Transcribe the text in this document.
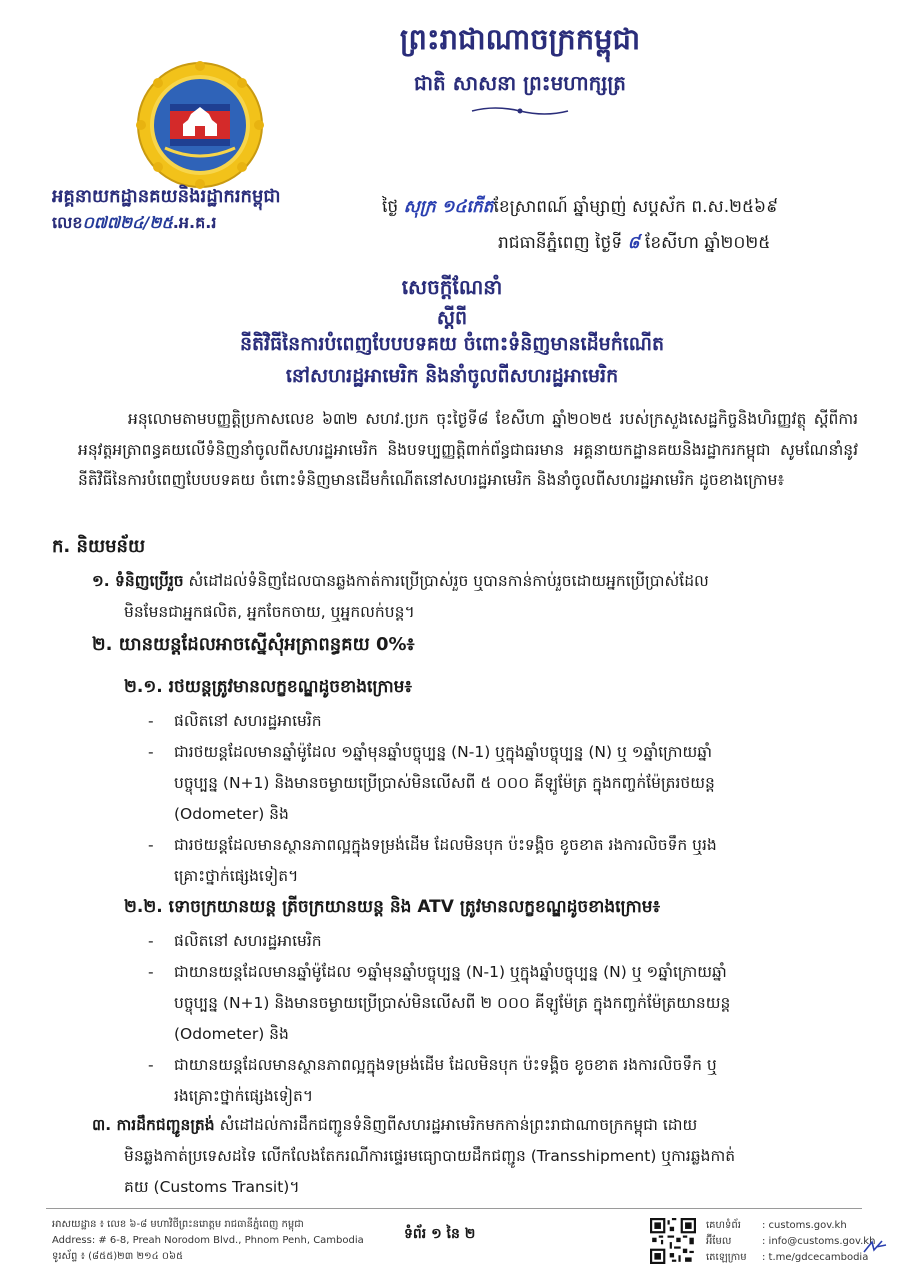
ព្រះរាជាណាចក្រកម្ពុជា
ជាតិ សាសនា ព្រះមហាក្សត្រ
អគ្គនាយកដ្ឋានគយនិងរដ្ឋាករកម្ពុជា
លេខ០៧៧២៤/២៥.អ.គ.រ
ថ្ងៃ សុក្រ ១៤កើតខែស្រាពណ៍ ឆ្នាំម្សាញ់ សប្តស័ក ព.ស.២៥៦៩
រាជធានីភ្នំពេញ ថ្ងៃទី ៨ ខែសីហា ឆ្នាំ២០២៥
សេចក្តីណែនាំ
ស្តីពី
នីតិវិធីនៃការបំពេញបែបបទគយ ចំពោះទំនិញមានដើមកំណើត
នៅសហរដ្ឋអាមេរិក និងនាំចូលពីសហរដ្ឋអាមេរិក
អនុលោមតាមបញ្ញត្តិប្រកាសលេខ ៦៣២ សហវ.ប្រក ចុះថ្ងៃទី៨ ខែសីហា ឆ្នាំ២០២៥ របស់ក្រសួងសេដ្ឋកិច្ចនិងហិរញ្ញវត្ថុ ស្តីពីការអនុវត្តអត្រាពន្ធគយលើទំនិញនាំចូលពីសហរដ្ឋអាមេរិក និងបទប្បញ្ញត្តិពាក់ព័ន្ធជាធរមាន អគ្គនាយកដ្ឋានគយនិងរដ្ឋាករកម្ពុជា សូមណែនាំនូវនីតិវិធីនៃការបំពេញបែបបទគយ ចំពោះទំនិញមានដើមកំណើតនៅសហរដ្ឋអាមេរិក និងនាំចូលពីសហរដ្ឋអាមេរិក ដូចខាងក្រោម៖
ក. និយមន័យ
១. ទំនិញប្រើរួច សំដៅដល់ទំនិញដែលបានឆ្លងកាត់ការប្រើប្រាស់រួច ឬបានកាន់កាប់រួចដោយអ្នកប្រើប្រាស់ដែល
មិនមែនជាអ្នកផលិត, អ្នកចែកចាយ, ឬអ្នកលក់បន្ត។
២. យានយន្តដែលអាចស្នើសុំអត្រាពន្ធគយ 0%៖
២.១. រថយន្តត្រូវមានលក្ខខណ្ឌដូចខាងក្រោម៖
- ផលិតនៅ សហរដ្ឋអាមេរិក
- ជារថយន្តដែលមានឆ្នាំម៉ូដែល ១ឆ្នាំមុនឆ្នាំបច្ចុប្បន្ន (N-1) ឬក្នុងឆ្នាំបច្ចុប្បន្ន (N) ឬ ១ឆ្នាំក្រោយឆ្នាំ
បច្ចុប្បន្ន (N+1) និងមានចម្ងាយប្រើប្រាស់មិនលើសពី ៥ ០០០ គីឡូម៉ែត្រ ក្នុងកញ្ចក់ម៉ែត្ររថយន្ត
(Odometer) និង
- ជារថយន្តដែលមានស្ថានភាពល្អក្នុងទម្រង់ដើម ដែលមិនបុក ប៉ះទង្គិច ខូចខាត រងការលិចទឹក ឬរង
គ្រោះថ្នាក់ផ្សេងទៀត។
២.២. ទោចក្រយានយន្ត ត្រីចក្រយានយន្ត និង ATV ត្រូវមានលក្ខខណ្ឌដូចខាងក្រោម៖
- ផលិតនៅ សហរដ្ឋអាមេរិក
- ជាយានយន្តដែលមានឆ្នាំម៉ូដែល ១ឆ្នាំមុនឆ្នាំបច្ចុប្បន្ន (N-1) ឬក្នុងឆ្នាំបច្ចុប្បន្ន (N) ឬ ១ឆ្នាំក្រោយឆ្នាំ
បច្ចុប្បន្ន (N+1) និងមានចម្ងាយប្រើប្រាស់មិនលើសពី ២ ០០០ គីឡូម៉ែត្រ ក្នុងកញ្ចក់ម៉ែត្រយានយន្ត
(Odometer) និង
- ជាយានយន្តដែលមានស្ថានភាពល្អក្នុងទម្រង់ដើម ដែលមិនបុក ប៉ះទង្គិច ខូចខាត រងការលិចទឹក ឬ
រងគ្រោះថ្នាក់ផ្សេងទៀត។
៣. ការដឹកជញ្ជូនត្រង់ សំដៅដល់ការដឹកជញ្ជូនទំនិញពីសហរដ្ឋអាមេរិកមកកាន់ព្រះរាជាណាចក្រកម្ពុជា ដោយ
មិនឆ្លងកាត់ប្រទេសដទៃ លើកលែងតែករណីការផ្ទេរមធ្យោបាយដឹកជញ្ជូន (Transshipment) ឬការឆ្លងកាត់
គយ (Customs Transit)។
អាសយដ្ឋាន ៖ លេខ ៦-៨ មហាវិថីព្រះនរោត្តម រាជធានីភ្នំពេញ កម្ពុជា
Address: # 6-8, Preah Norodom Blvd., Phnom Penh, Cambodia
ទូរស័ព្ទ ៖ (៨៥៥)២៣ ២១៤ ០៦៥
ទំព័រ ១ នៃ ២
គេហទំព័រ : customs.gov.kh
អ៊ីមែល	: info@customs.gov.kh
តេឡេក្រាម : t.me/gdcecambodia
